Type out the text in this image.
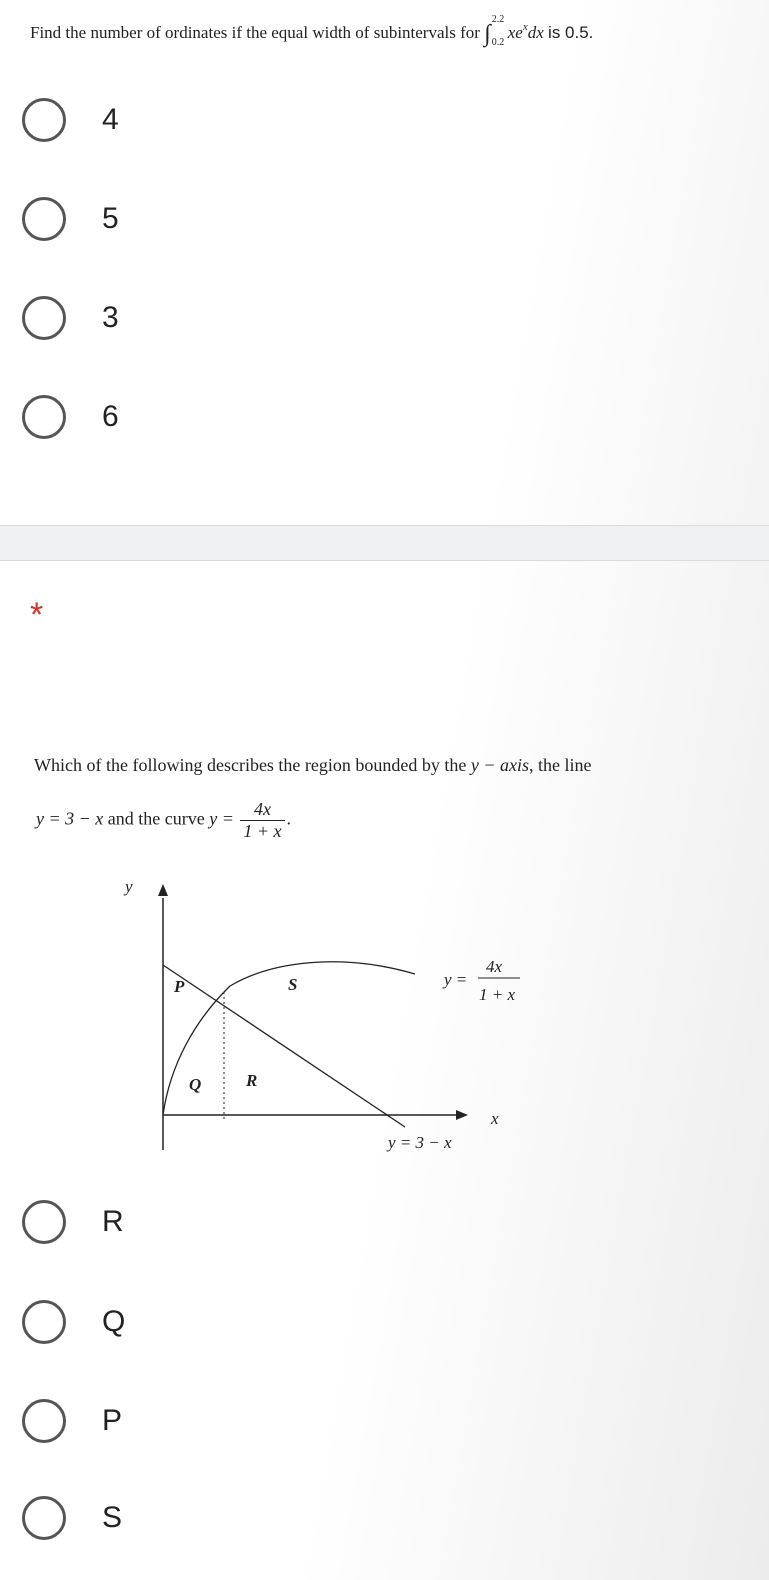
Find the number of ordinates if the equal width of subintervals for ∫
2.2
0.2
$xe^xdx$ is 0.5.
4
5
3
6
*
Which of the following describes the region bounded by the y − axis, the line
y = 3 − x and the curve $y = \frac{4x}{1 + x}$ .
y
x
P	S
Q	R
y =
4x
1 + x
y = 3 − x
R
Q
P
S
